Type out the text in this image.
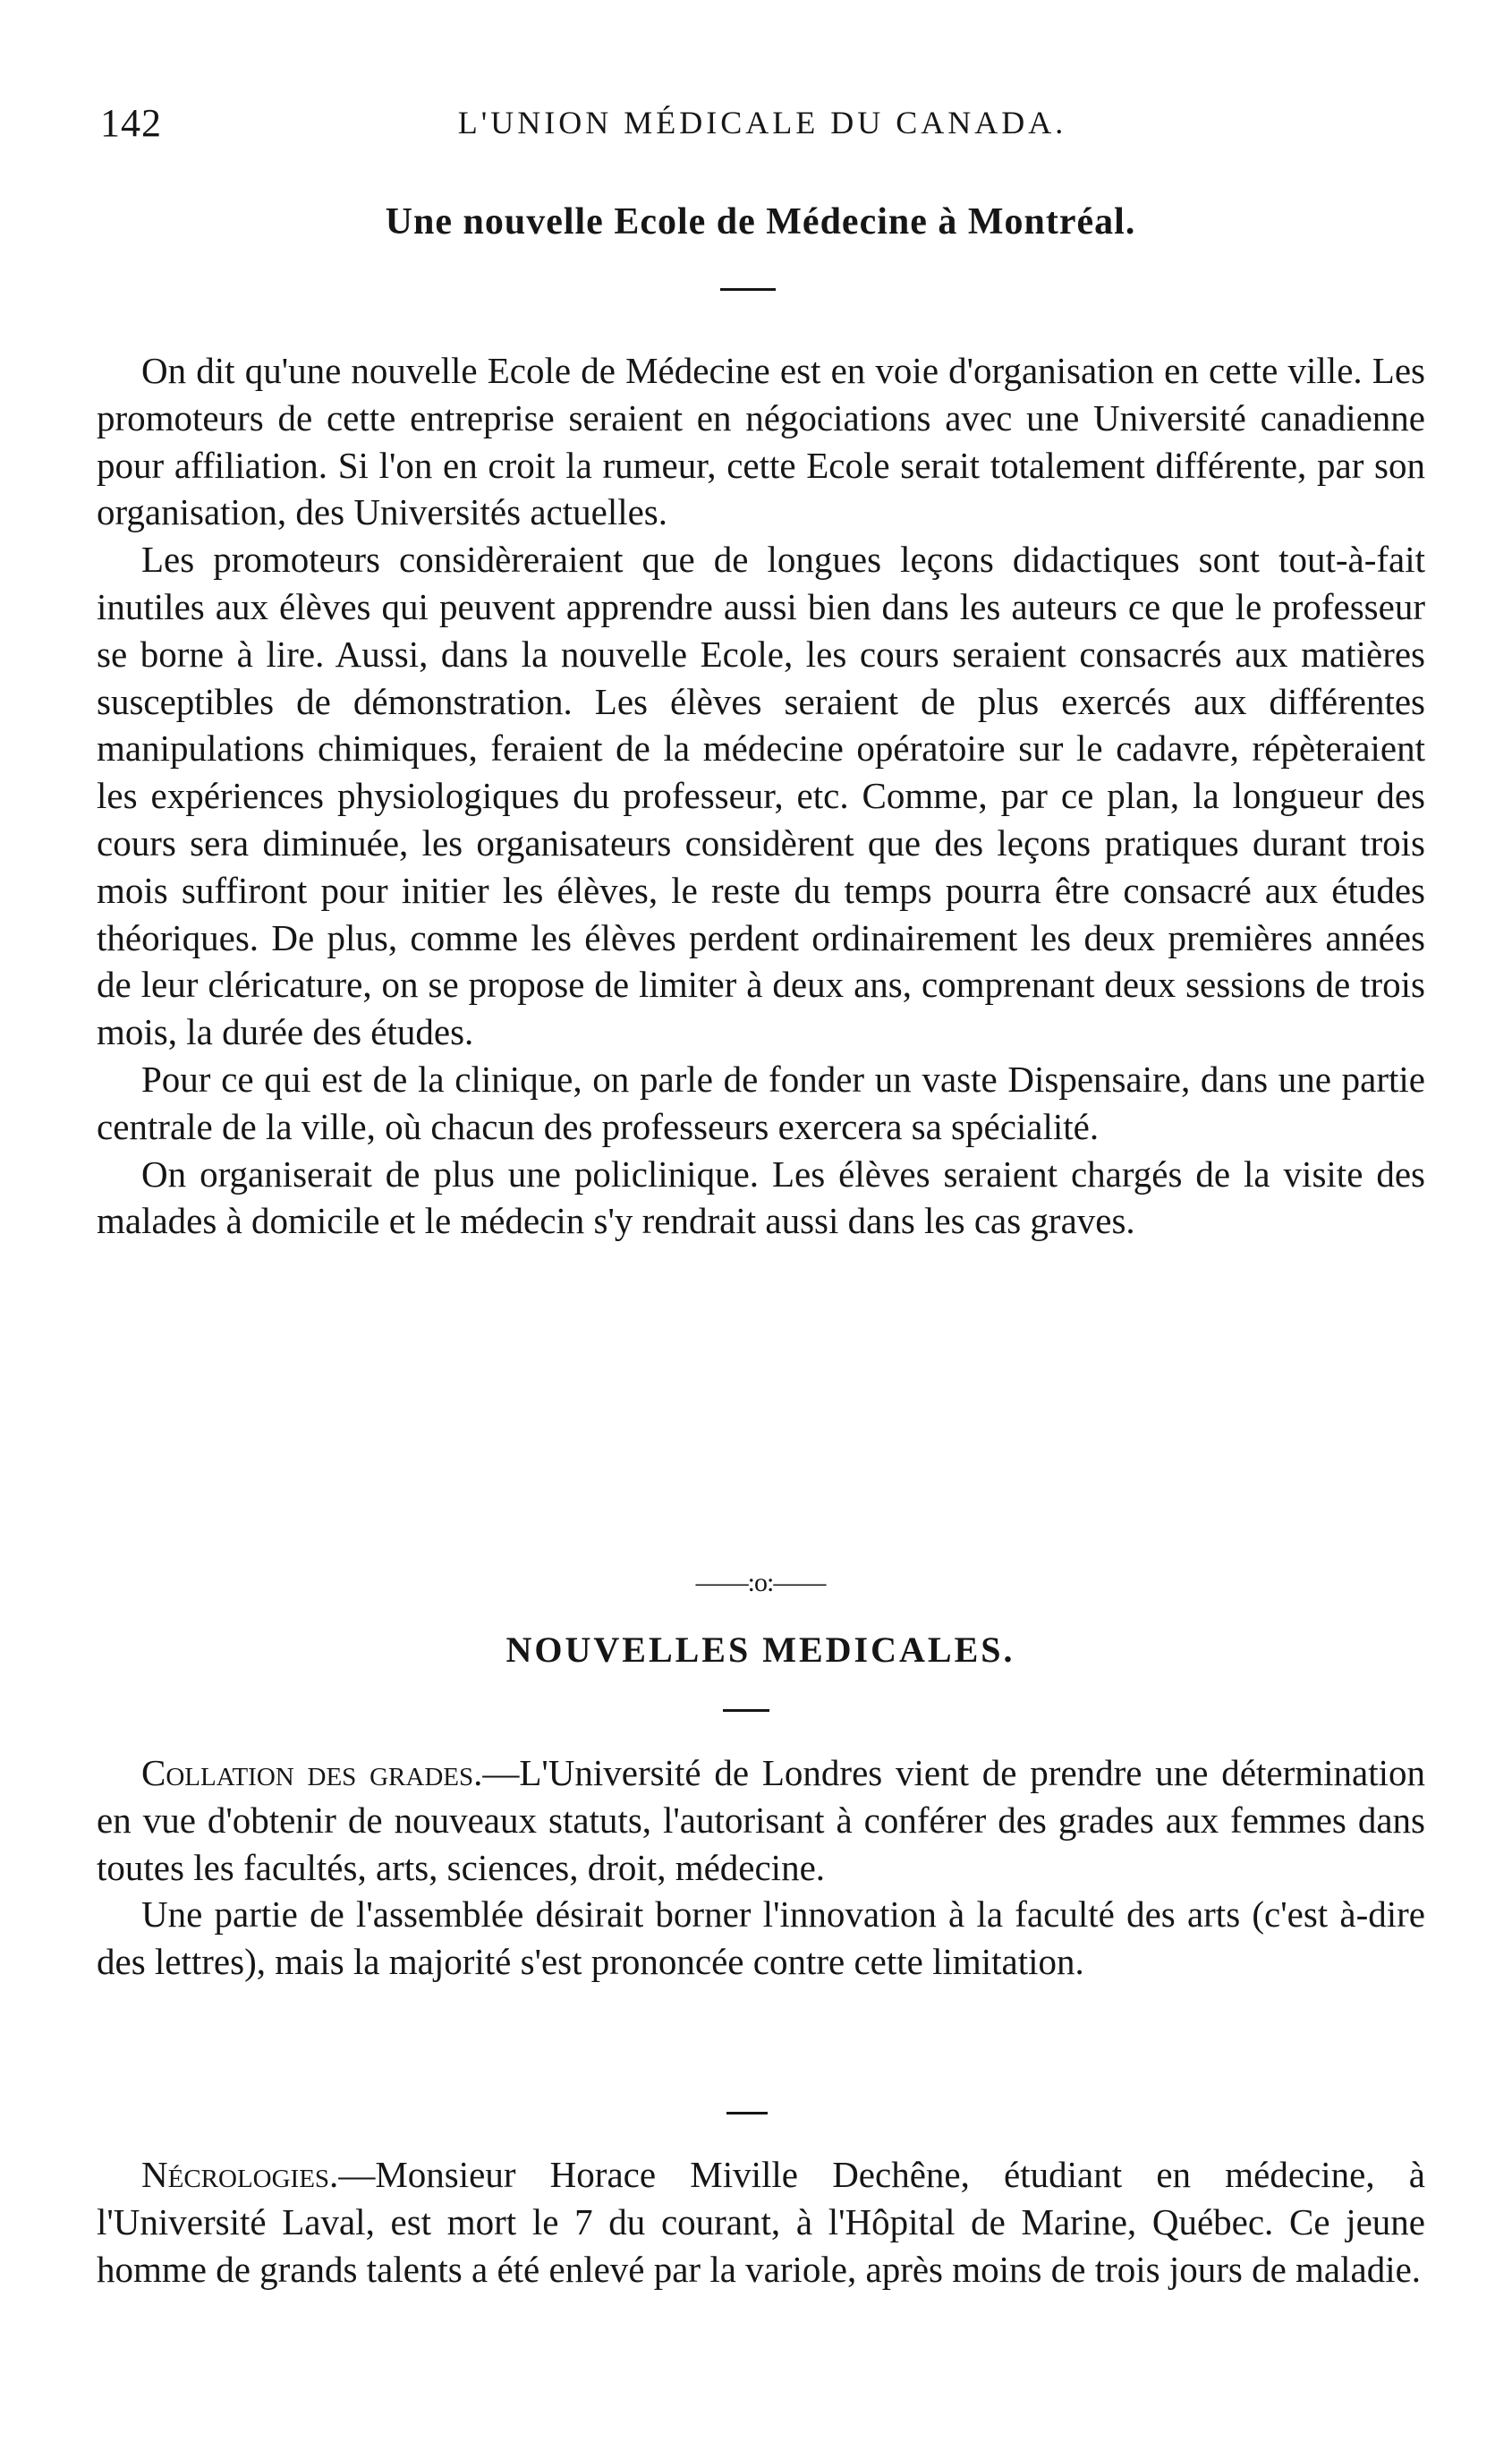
142	L'UNION MÉDICALE DU CANADA.
Une nouvelle Ecole de Médecine à Montréal.

On dit qu'une nouvelle Ecole de Médecine est en voie d'organisation en cette ville. Les promoteurs de cette entreprise seraient en négociations avec une Université canadienne pour affiliation. Si l'on en croit la rumeur, cette Ecole serait totalement différente, par son organisation, des Universités actuelles.

Les promoteurs considèreraient que de longues leçons didactiques sont tout-à-fait inutiles aux élèves qui peuvent apprendre aussi bien dans les auteurs ce que le professeur se borne à lire. Aussi, dans la nouvelle Ecole, les cours seraient consacrés aux matières susceptibles de démonstration. Les élèves seraient de plus exercés aux différentes manipulations chimiques, feraient de la médecine opératoire sur le cadavre, répèteraient les expériences physiologiques du professeur, etc. Comme, par ce plan, la longueur des cours sera diminuée, les organisateurs considèrent que des leçons pratiques durant trois mois suffiront pour initier les élèves, le reste du temps pourra être consacré aux études théoriques. De plus, comme les élèves perdent ordinairement les deux premières années de leur cléricature, on se propose de limiter à deux ans, comprenant deux sessions de trois mois, la durée des études.

Pour ce qui est de la clinique, on parle de fonder un vaste Dispensaire, dans une partie centrale de la ville, où chacun des professeurs exercera sa spécialité.

On organiserait de plus une policlinique. Les élèves seraient chargés de la visite des malades à domicile et le médecin s'y rendrait aussi dans les cas graves.

——:o:——
NOUVELLES MEDICALES.

Collation des grades.—L'Université de Londres vient de prendre une détermination en vue d'obtenir de nouveaux statuts, l'autorisant à conférer des grades aux femmes dans toutes les facultés, arts, sciences, droit, médecine.

Une partie de l'assemblée désirait borner l'innovation à la faculté des arts (c'est à-dire des lettres), mais la majorité s'est prononcée contre cette limitation.

Nécrologies.—Monsieur Horace Miville Dechêne, étudiant en médecine, à l'Université Laval, est mort le 7 du courant, à l'Hôpital de Marine, Québec. Ce jeune homme de grands talents a été enlevé par la variole, après moins de trois jours de maladie.
